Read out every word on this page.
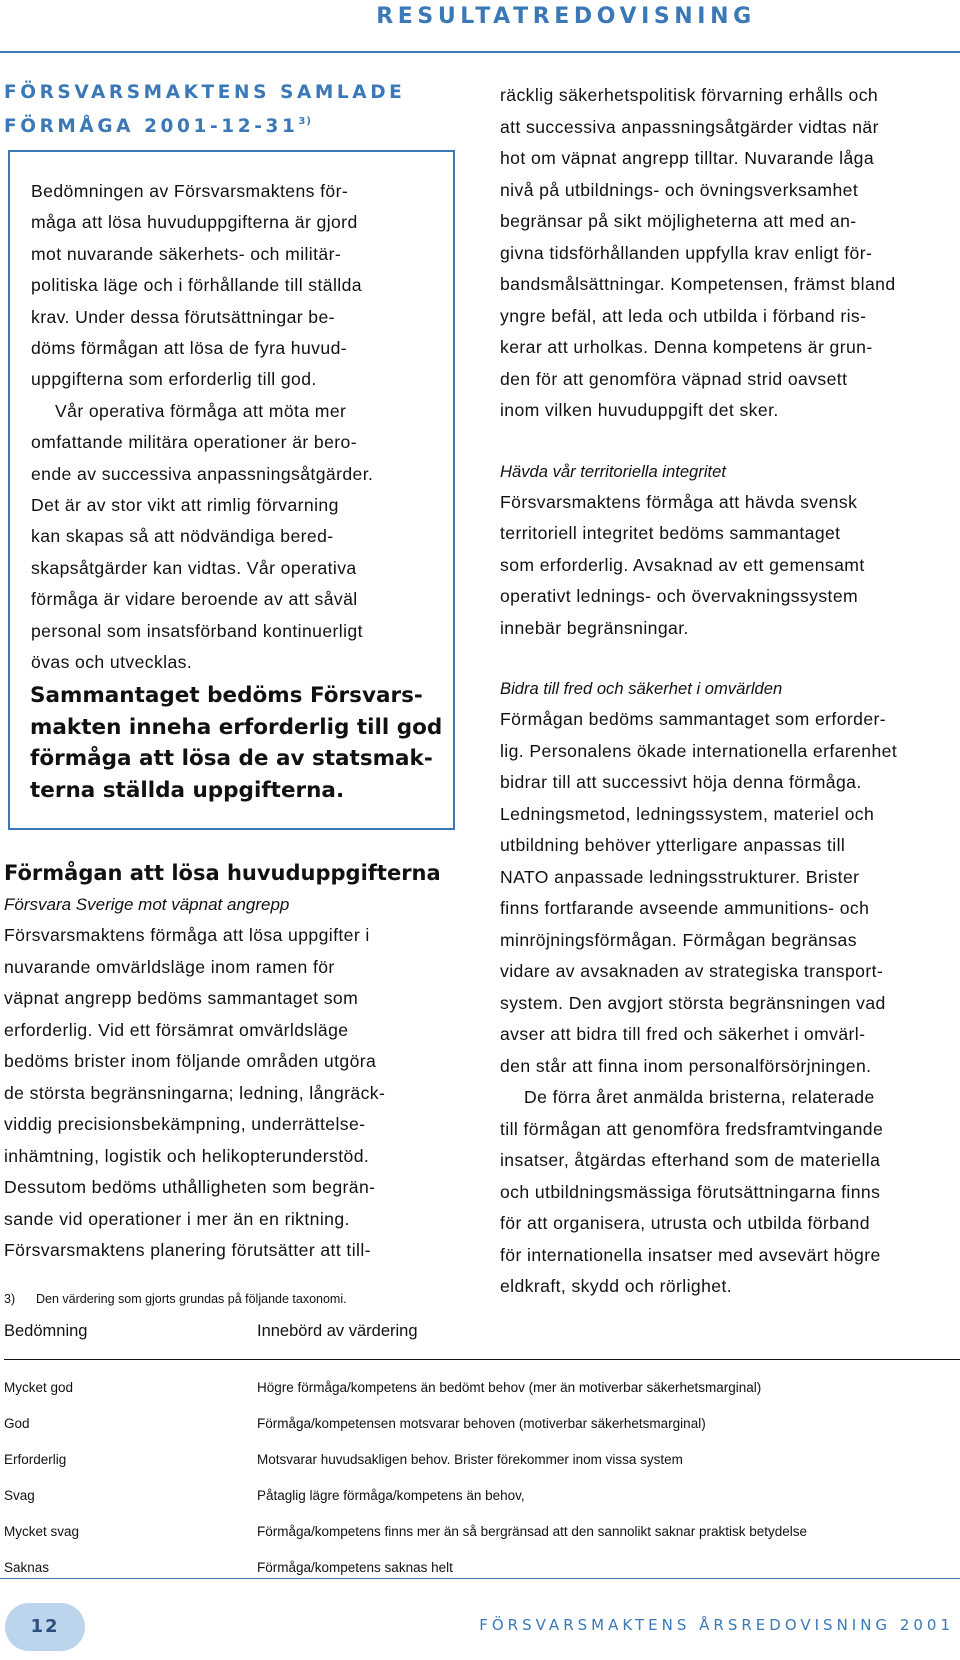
RESULTATREDOVISNING
FÖRSVARSMAKTENS SAMLADE
FÖRMÅGA 2001-12-31$^{3)}$
Bedömningen av Försvarsmaktens för-
måga att lösa huvuduppgifterna är gjord
mot nuvarande säkerhets- och militär-
politiska läge och i förhållande till ställda
krav. Under dessa förutsättningar be-
döms förmågan att lösa de fyra huvud-
uppgifterna som erforderlig till god.
Vår operativa förmåga att möta mer
omfattande militära operationer är bero-
ende av successiva anpassningsåtgärder.
Det är av stor vikt att rimlig förvarning
kan skapas så att nödvändiga bered-
skapsåtgärder kan vidtas. Vår operativa
förmåga är vidare beroende av att såväl
personal som insatsförband kontinuerligt
övas och utvecklas.
Sammantaget bedöms Försvars-
makten inneha erforderlig till god
förmåga att lösa de av statsmak-
terna ställda uppgifterna.
Förmågan att lösa huvuduppgifterna
Försvara Sverige mot väpnat angrepp
Försvarsmaktens förmåga att lösa uppgifter i
nuvarande omvärldsläge inom ramen för
väpnat angrepp bedöms sammantaget som
erforderlig. Vid ett försämrat omvärldsläge
bedöms brister inom följande områden utgöra
de största begränsningarna; ledning, långräck-
viddig precisionsbekämpning, underrättelse-
inhämtning, logistik och helikopterunderstöd.
Dessutom bedöms uthålligheten som begrän-
sande vid operationer i mer än en riktning.
Försvarsmaktens planering förutsätter att till-
3) Den värdering som gjorts grundas på följande taxonomi.
räcklig säkerhetspolitisk förvarning erhålls och
att successiva anpassningsåtgärder vidtas när
hot om väpnat angrepp tilltar. Nuvarande låga
nivå på utbildnings- och övningsverksamhet
begränsar på sikt möjligheterna att med an-
givna tidsförhållanden uppfylla krav enligt för-
bandsmålsättningar. Kompetensen, främst bland
yngre befäl, att leda och utbilda i förband ris-
kerar att urholkas. Denna kompetens är grun-
den för att genomföra väpnad strid oavsett
inom vilken huvuduppgift det sker.
Hävda vår territoriella integritet
Försvarsmaktens förmåga att hävda svensk
territoriell integritet bedöms sammantaget
som erforderlig. Avsaknad av ett gemensamt
operativt lednings- och övervakningssystem
innebär begränsningar.
Bidra till fred och säkerhet i omvärlden
Förmågan bedöms sammantaget som erforder-
lig. Personalens ökade internationella erfarenhet
bidrar till att successivt höja denna förmåga.
Ledningsmetod, ledningssystem, materiel och
utbildning behöver ytterligare anpassas till
NATO anpassade ledningsstrukturer. Brister
finns fortfarande avseende ammunitions- och
minröjningsförmågan. Förmågan begränsas
vidare av avsaknaden av strategiska transport-
system. Den avgjort största begränsningen vad
avser att bidra till fred och säkerhet i omvärl-
den står att finna inom personalförsörjningen.
De förra året anmälda bristerna, relaterade
till förmågan att genomföra fredsframtvingande
insatser, åtgärdas efterhand som de materiella
och utbildningsmässiga förutsättningarna finns
för att organisera, utrusta och utbilda förband
för internationella insatser med avsevärt högre
eldkraft, skydd och rörlighet.
Bedömning	Innebörd av värdering
Mycket god	Högre förmåga/kompetens än bedömt behov (mer än motiverbar säkerhetsmarginal)
God	Förmåga/kompetensen motsvarar behoven (motiverbar säkerhetsmarginal)
Erforderlig	Motsvarar huvudsakligen behov. Brister förekommer inom vissa system
Svag	Påtaglig lägre förmåga/kompetens än behov,
Mycket svag	Förmåga/kompetens finns mer än så bergränsad att den sannolikt saknar praktisk betydelse
Saknas	Förmåga/kompetens saknas helt
12	FÖRSVARSMAKTENS ÅRSREDOVISNING 2001
